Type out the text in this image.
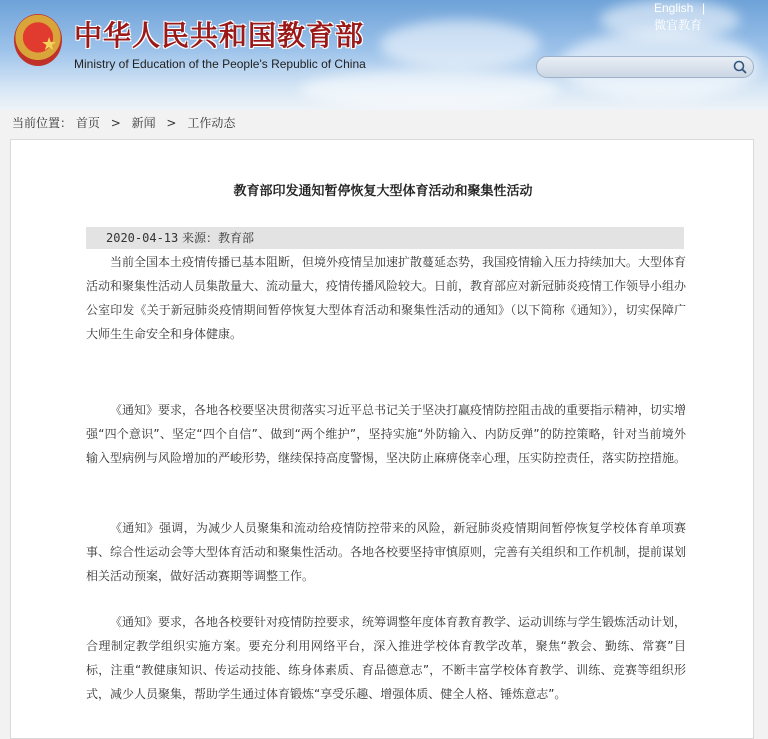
★ 中华人民共和国教育部
Ministry of Education of the People's Republic of China
English |
微官教育
当前位置： 首页 > 新闻 > 工作动态
教育部印发通知暂停恢复大型体育活动和聚集性活动
2020-04-13 来源：教育部

当前全国本土疫情传播已基本阻断，但境外疫情呈加速扩散蔓延态势，我国疫情输入压力持续加大。大型体育活动和聚集性活动人员集散量大、流动量大，疫情传播风险较大。日前，教育部应对新冠肺炎疫情工作领导小组办公室印发《关于新冠肺炎疫情期间暂停恢复大型体育活动和聚集性活动的通知》（以下简称《通知》），切实保障广大师生生命安全和身体健康。

《通知》要求，各地各校要坚决贯彻落实习近平总书记关于坚决打赢疫情防控阻击战的重要指示精神，切实增强“四个意识”、坚定“四个自信”、做到“两个维护”，坚持实施“外防输入、内防反弹”的防控策略，针对当前境外输入型病例与风险增加的严峻形势，继续保持高度警惕，坚决防止麻痹侥幸心理，压实防控责任，落实防控措施。

《通知》强调，为减少人员聚集和流动给疫情防控带来的风险，新冠肺炎疫情期间暂停恢复学校体育单项赛事、综合性运动会等大型体育活动和聚集性活动。各地各校要坚持审慎原则，完善有关组织和工作机制，提前谋划相关活动预案，做好活动赛期等调整工作。

《通知》要求，各地各校要针对疫情防控要求，统筹调整年度体育教育教学、运动训练与学生锻炼活动计划，合理制定教学组织实施方案。要充分利用网络平台，深入推进学校体育教学改革，聚焦“教会、勤练、常赛”目标，注重“教健康知识、传运动技能、练身体素质、育品德意志”，不断丰富学校体育教学、训练、竞赛等组织形式，减少人员聚集，帮助学生通过体育锻炼“享受乐趣、增强体质、健全人格、锤炼意志”。
